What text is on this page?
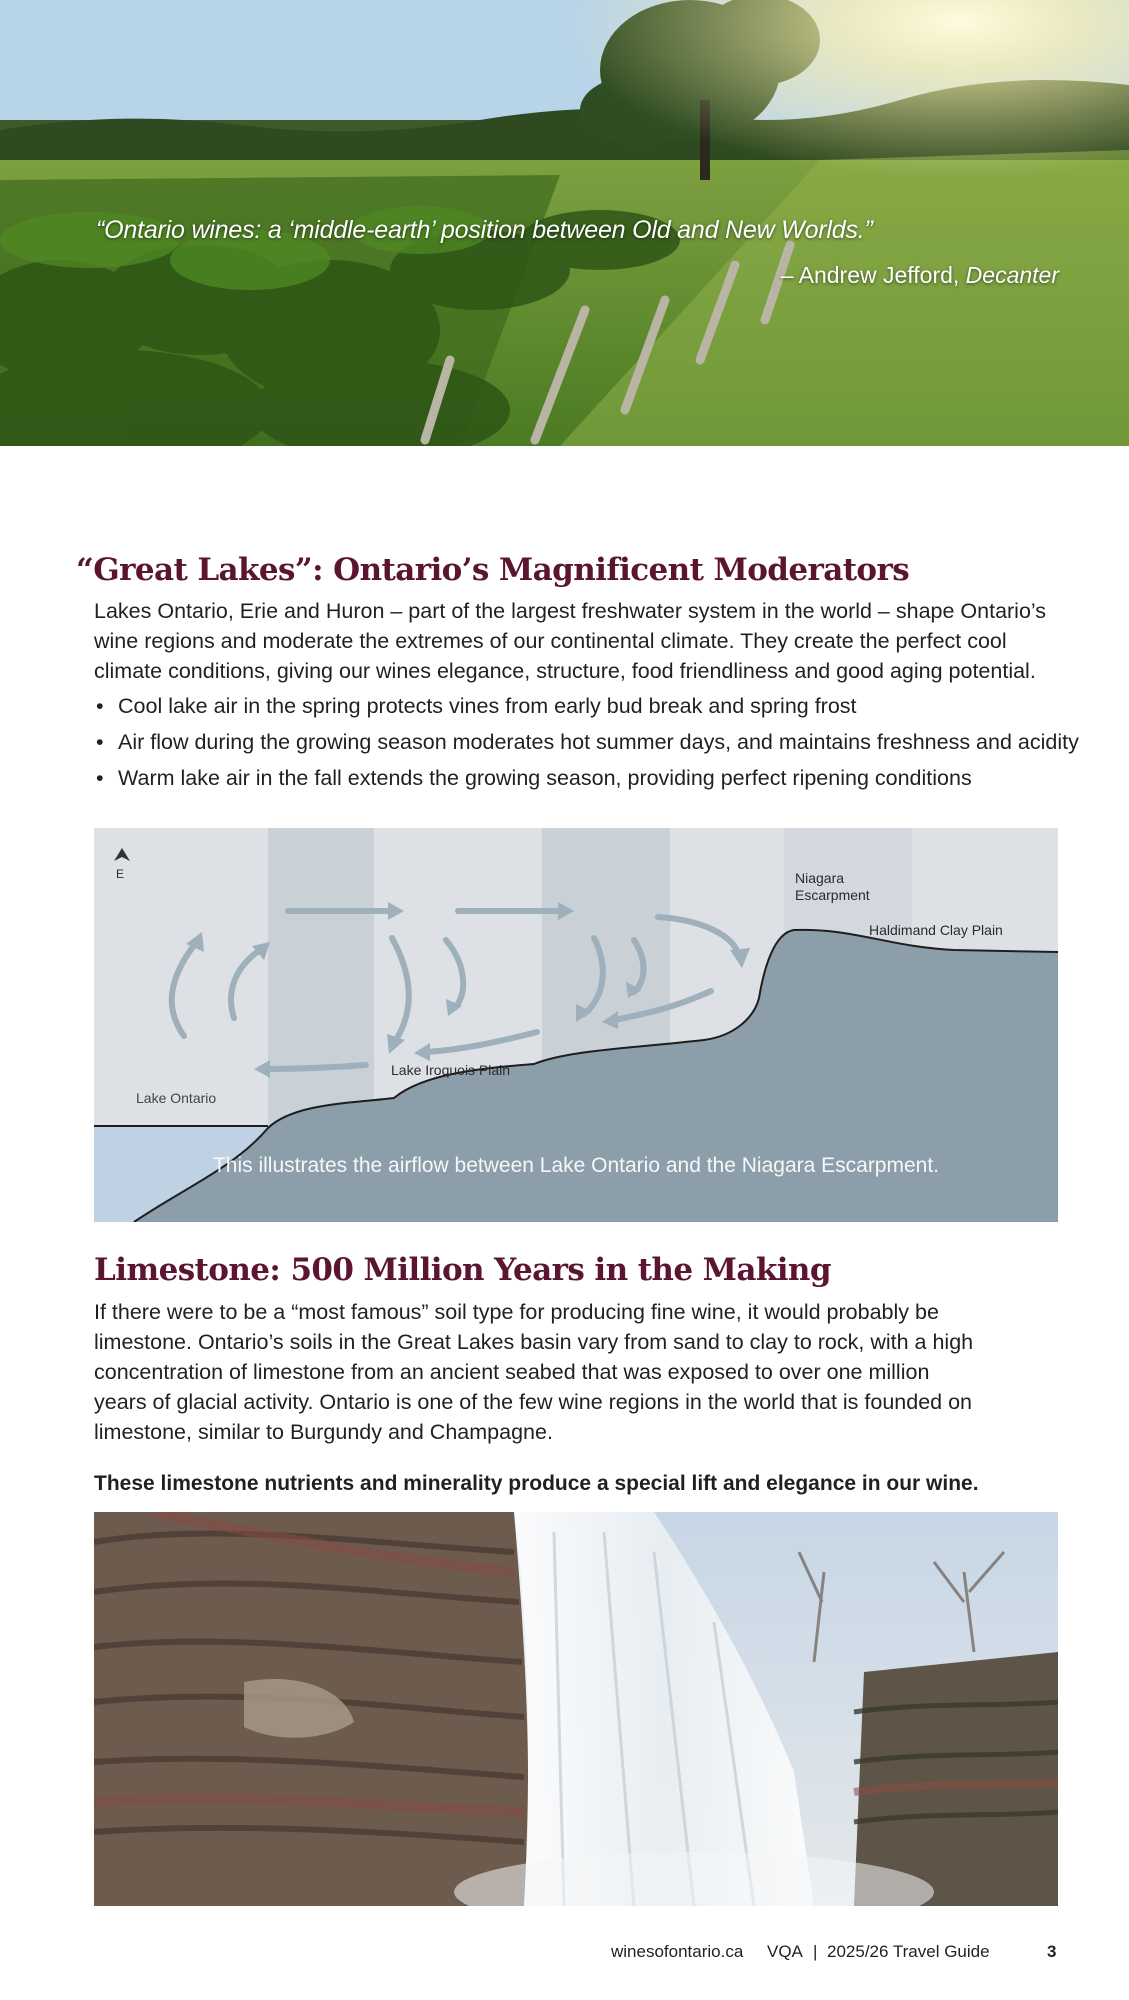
“Ontario wines: a ‘middle-earth’ position between Old and New Worlds.”
– Andrew Jefford, Decanter
“Great Lakes”: Ontario’s Magnificent Moderators
Lakes Ontario, Erie and Huron – part of the largest freshwater system in the world – shape Ontario’s
wine regions and moderate the extremes of our continental climate. They create the perfect cool
climate conditions, giving our wines elegance, structure, food friendliness and good aging potential.
• Cool lake air in the spring protects vines from early bud break and spring frost
• Air flow during the growing season moderates hot summer days, and maintains freshness and acidity
• Warm lake air in the fall extends the growing season, providing perfect ripening conditions
E	Niagara
Escarpment
Haldimand Clay Plain
Lake Iroquois Plain
Lake Ontario
This illustrates the airflow between Lake Ontario and the Niagara Escarpment.
Limestone: 500 Million Years in the Making
If there were to be a “most famous” soil type for producing fine wine, it would probably be
limestone. Ontario’s soils in the Great Lakes basin vary from sand to clay to rock, with a high
concentration of limestone from an ancient seabed that was exposed to over one million
years of glacial activity. Ontario is one of the few wine regions in the world that is founded on
limestone, similar to Burgundy and Champagne.
These limestone nutrients and minerality produce a special lift and elegance in our wine.
winesofontario.ca VQA | 2025/26 Travel Guide	3
